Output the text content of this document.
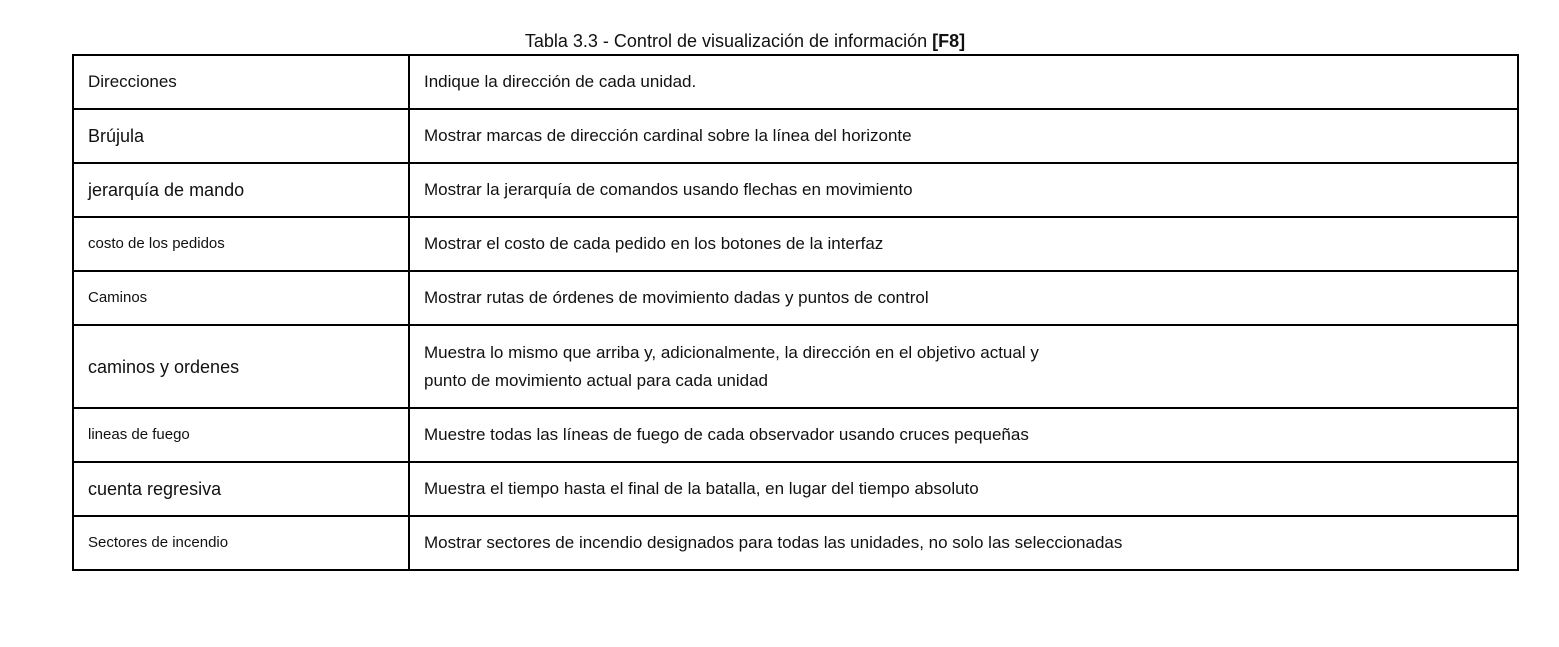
Tabla 3.3 - Control de visualización de información [F8]
Direcciones	Indique la dirección de cada unidad.
Brújula	Mostrar marcas de dirección cardinal sobre la línea del horizonte
jerarquía de mando	Mostrar la jerarquía de comandos usando flechas en movimiento
costo de los pedidos	Mostrar el costo de cada pedido en los botones de la interfaz
Caminos	Mostrar rutas de órdenes de movimiento dadas y puntos de control
caminos y ordenes	Muestra lo mismo que arriba y, adicionalmente, la dirección en el objetivo actual y
punto de movimiento actual para cada unidad

lineas de fuego	Muestre todas las líneas de fuego de cada observador usando cruces pequeñas
cuenta regresiva	Muestra el tiempo hasta el final de la batalla, en lugar del tiempo absoluto
Sectores de incendio	Mostrar sectores de incendio designados para todas las unidades, no solo las seleccionadas
